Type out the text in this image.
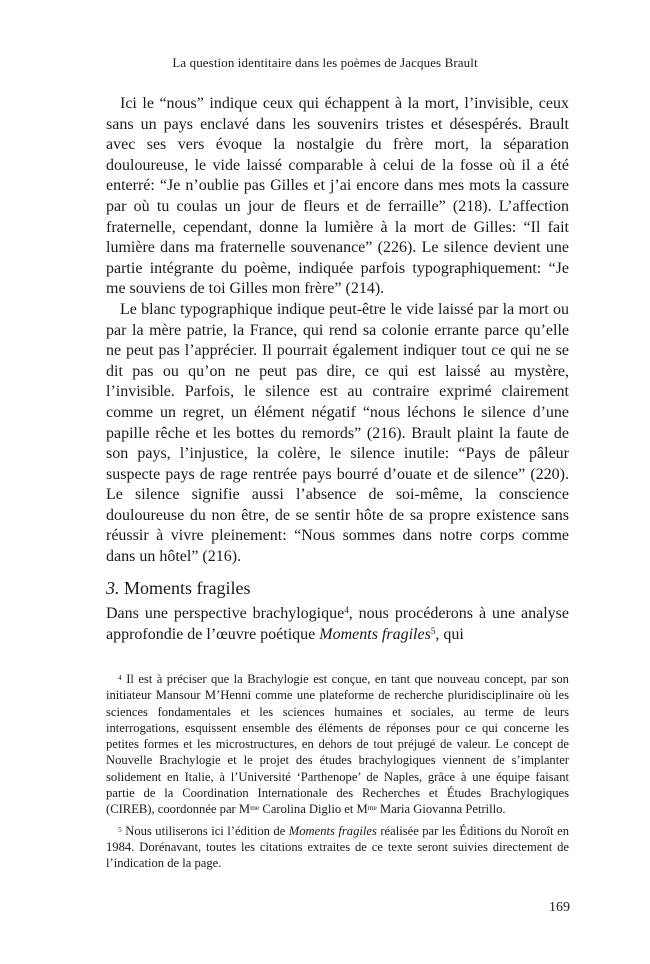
La question identitaire dans les poèmes de Jacques Brault

Ici le “nous” indique ceux qui échappent à la mort, l’invisible, ceux sans un pays enclavé dans les souvenirs tristes et désespérés. Brault avec ses vers évoque la nostalgie du frère mort, la séparation douloureuse, le vide laissé comparable à celui de la fosse où il a été enterré: “Je n’oublie pas Gilles et j’ai encore dans mes mots la cassure par où tu coulas un jour de fleurs et de ferraille” (218). L’affection fraternelle, cependant, donne la lumière à la mort de Gilles: “Il fait lumière dans ma fraternelle souvenance” (226). Le silence devient une partie intégrante du poème, indiquée parfois typographiquement: “Je me souviens de toi Gilles mon frère” (214).

Le blanc typographique indique peut-être le vide laissé par la mort ou par la mère patrie, la France, qui rend sa colonie errante parce qu’elle ne peut pas l’apprécier. Il pourrait également indiquer tout ce qui ne se dit pas ou qu’on ne peut pas dire, ce qui est laissé au mystère, l’invisible. Parfois, le silence est au contraire exprimé clairement comme un regret, un élément négatif “nous léchons le silence d’une papille rêche et les bottes du remords” (216). Brault plaint la faute de son pays, l’injustice, la colère, le silence inutile: “Pays de pâleur suspecte pays de rage rentrée pays bourré d’ouate et de silence” (220). Le silence signifie aussi l’absence de soi-même, la conscience douloureuse du non être, de se sentir hôte de sa propre existence sans réussir à vivre pleinement: “Nous sommes dans notre corps comme dans un hôtel” (216).

3. Moments fragiles

Dans une perspective brachylogique$^4$, nous procéderons à une analyse approfondie de l’œuvre poétique Moments fragiles$^5$, qui

$^4$ Il est à préciser que la Brachylogie est conçue, en tant que nouveau concept, par son initiateur Mansour M’Henni comme une plateforme de recherche pluridisciplinaire où les sciences fondamentales et les sciences humaines et sociales, au terme de leurs interrogations, esquissent ensemble des éléments de réponses pour ce qui concerne les petites formes et les microstructures, en dehors de tout préjugé de valeur. Le concept de Nouvelle Brachylogie et le projet des études brachylogiques viennent de s’implanter solidement en Italie, à l’Université ‘Parthenope’ de Naples, grâce à une équipe faisant partie de la Coordination Internationale des Recherches et Études Brachylogiques (CIREB), coordonnée par $M^{me}$ Carolina Diglio et $M^{me}$ Maria Giovanna Petrillo.

$^5$ Nous utiliserons ici l’édition de Moments fragiles réalisée par les Éditions du Noroît en 1984. Dorénavant, toutes les citations extraites de ce texte seront suivies directement de l’indication de la page.

169
